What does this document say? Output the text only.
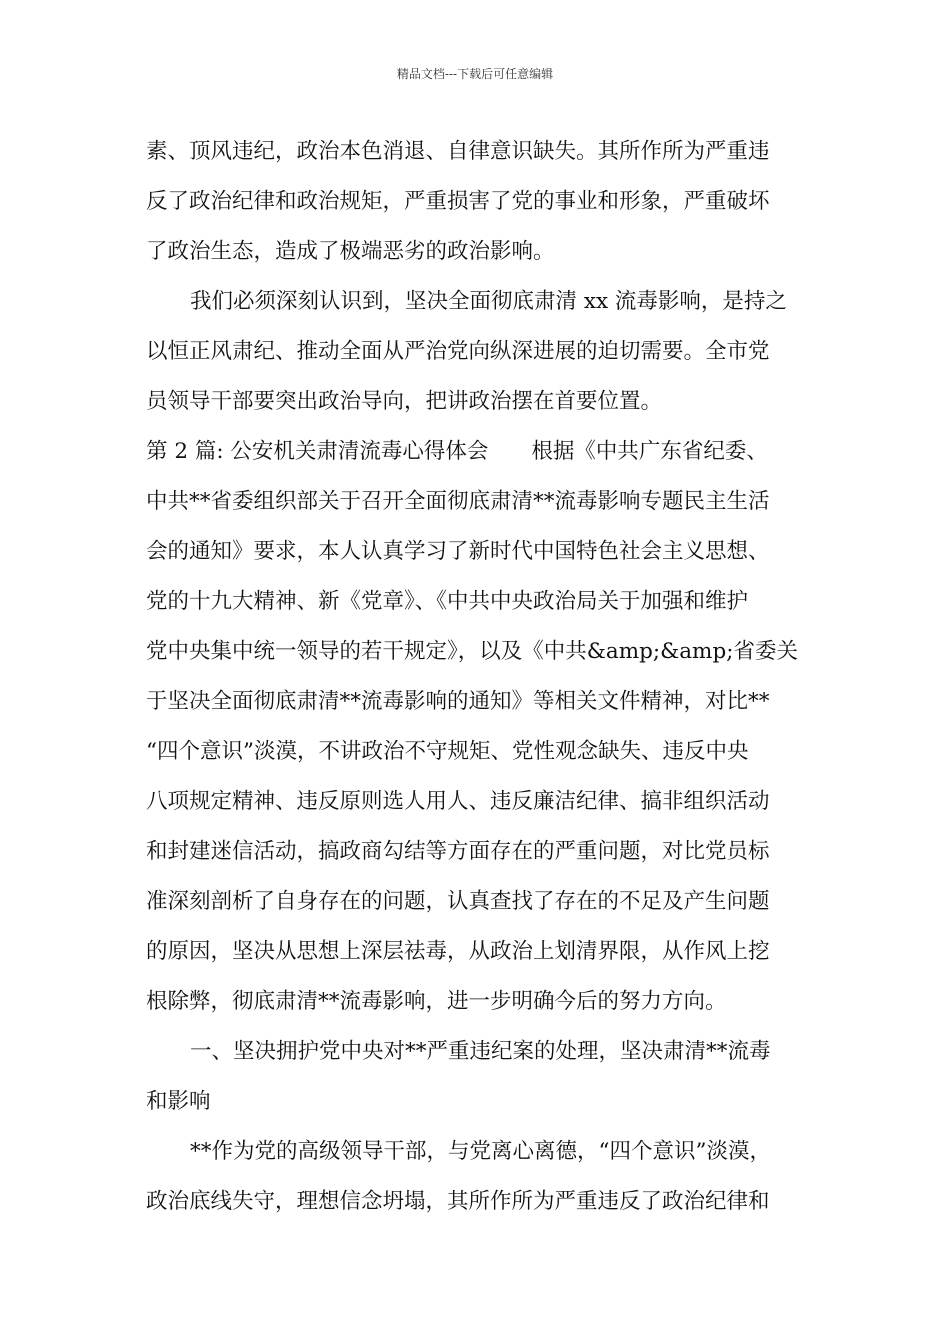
精品文档---下载后可任意编辑
素、顶风违纪，政治本色消退、自律意识缺失。其所作所为严重违
反了政治纪律和政治规矩，严重损害了党的事业和形象，严重破坏
了政治生态，造成了极端恶劣的政治影响。
我们必须深刻认识到，坚决全面彻底肃清 xx 流毒影响，是持之
以恒正风肃纪、推动全面从严治党向纵深进展的迫切需要。全市党
员领导干部要突出政治导向，把讲政治摆在首要位置。
第 2 篇: 公安机关肃清流毒心得体会　　根据《中共广东省纪委、
中共**省委组织部关于召开全面彻底肃清**流毒影响专题民主生活
会的通知》要求，本人认真学习了新时代中国特色社会主义思想、
党的十九大精神、新《党章》、《中共中央政治局关于加强和维护
党中央集中统一领导的若干规定》，以及《中共&amp;&amp;省委关
于坚决全面彻底肃清**流毒影响的通知》等相关文件精神，对比**
“四个意识”淡漠，不讲政治不守规矩、党性观念缺失、违反中央
八项规定精神、违反原则选人用人、违反廉洁纪律、搞非组织活动
和封建迷信活动，搞政商勾结等方面存在的严重问题，对比党员标
准深刻剖析了自身存在的问题，认真查找了存在的不足及产生问题
的原因，坚决从思想上深层祛毒，从政治上划清界限，从作风上挖
根除弊，彻底肃清**流毒影响，进一步明确今后的努力方向。
一、坚决拥护党中央对**严重违纪案的处理，坚决肃清**流毒
和影响
**作为党的高级领导干部，与党离心离德，“四个意识”淡漠，
政治底线失守，理想信念坍塌，其所作所为严重违反了政治纪律和
